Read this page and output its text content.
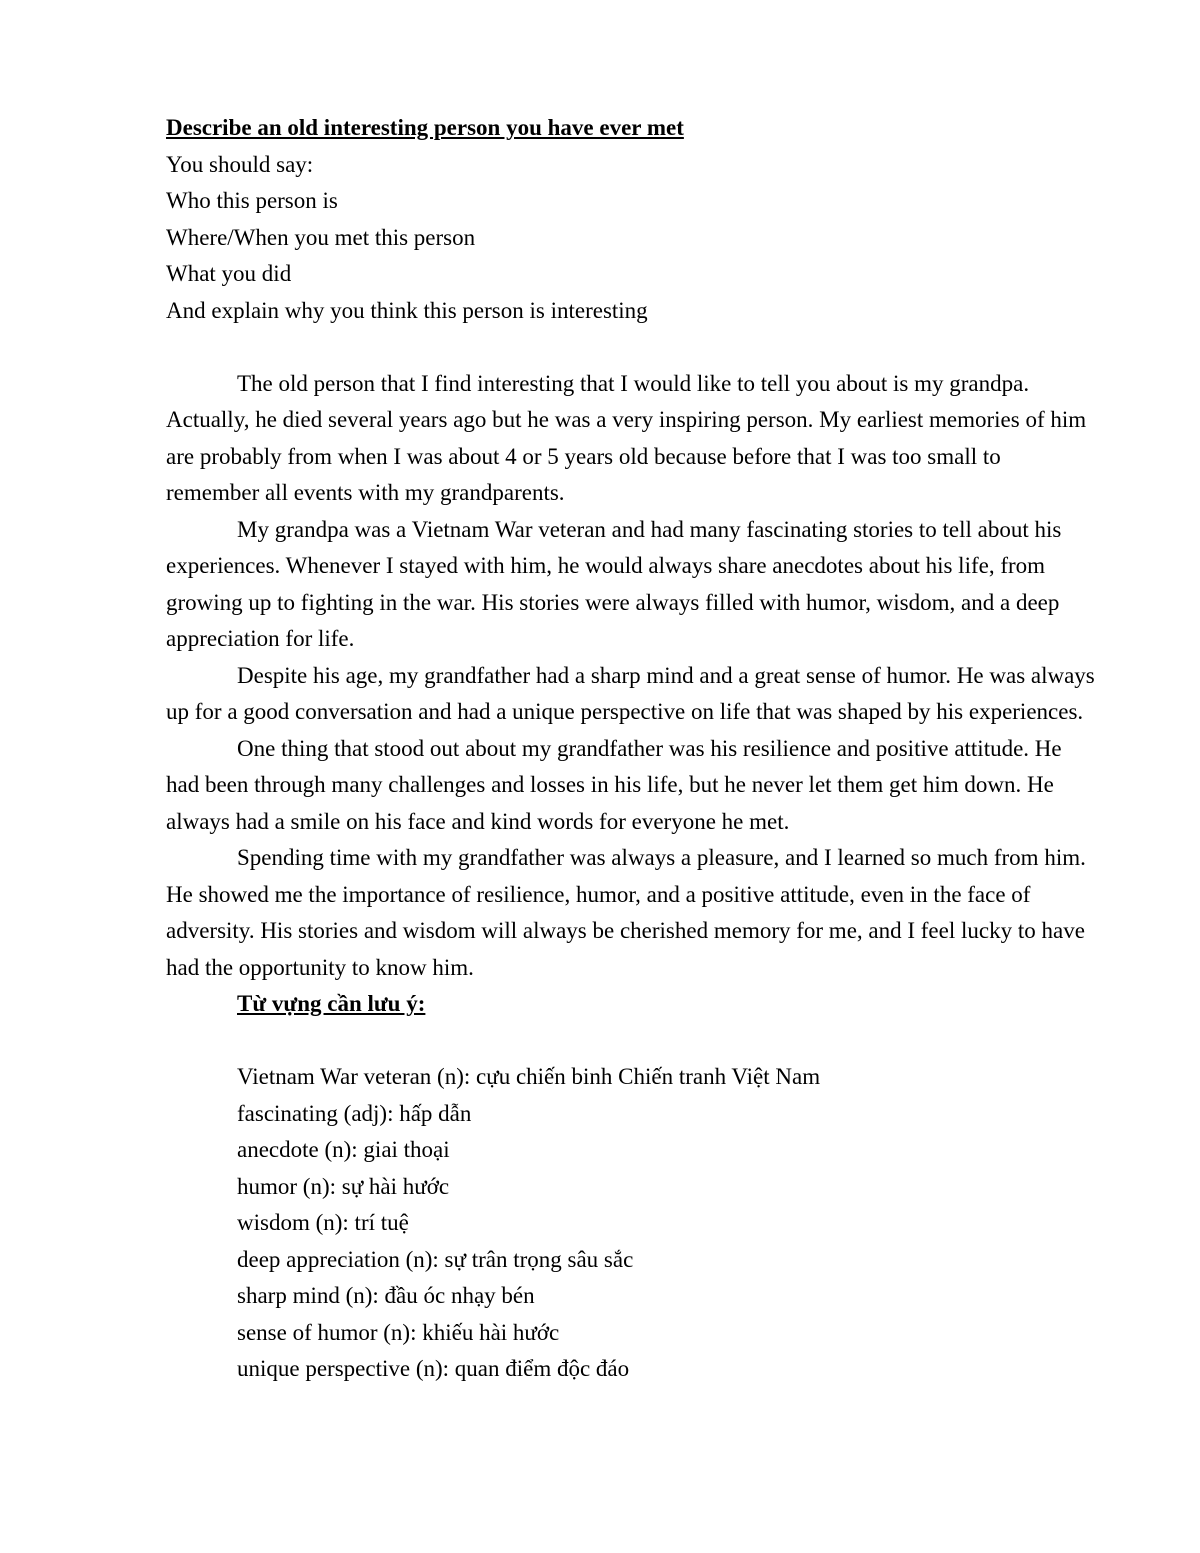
Describe an old interesting person you have ever met

You should say:

Who this person is

Where/When you met this person

What you did

And explain why you think this person is interesting

The old person that I find interesting that I would like to tell you about is my grandpa. Actually, he died several years ago but he was a very inspiring person. My earliest memories of him are probably from when I was about 4 or 5 years old because before that I was too small to remember all events with my grandparents.

My grandpa was a Vietnam War veteran and had many fascinating stories to tell about his experiences. Whenever I stayed with him, he would always share anecdotes about his life, from growing up to fighting in the war. His stories were always filled with humor, wisdom, and a deep appreciation for life.

Despite his age, my grandfather had a sharp mind and a great sense of humor. He was always up for a good conversation and had a unique perspective on life that was shaped by his experiences.

One thing that stood out about my grandfather was his resilience and positive attitude. He had been through many challenges and losses in his life, but he never let them get him down. He always had a smile on his face and kind words for everyone he met.

Spending time with my grandfather was always a pleasure, and I learned so much from him. He showed me the importance of resilience, humor, and a positive attitude, even in the face of adversity. His stories and wisdom will always be cherished memory for me, and I feel lucky to have had the opportunity to know him.

Từ vựng cần lưu ý:

Vietnam War veteran (n): cựu chiến binh Chiến tranh Việt Nam
fascinating (adj): hấp dẫn
anecdote (n): giai thoại
humor (n): sự hài hước
wisdom (n): trí tuệ
deep appreciation (n): sự trân trọng sâu sắc
sharp mind (n): đầu óc nhạy bén
sense of humor (n): khiếu hài hước
unique perspective (n): quan điểm độc đáo
